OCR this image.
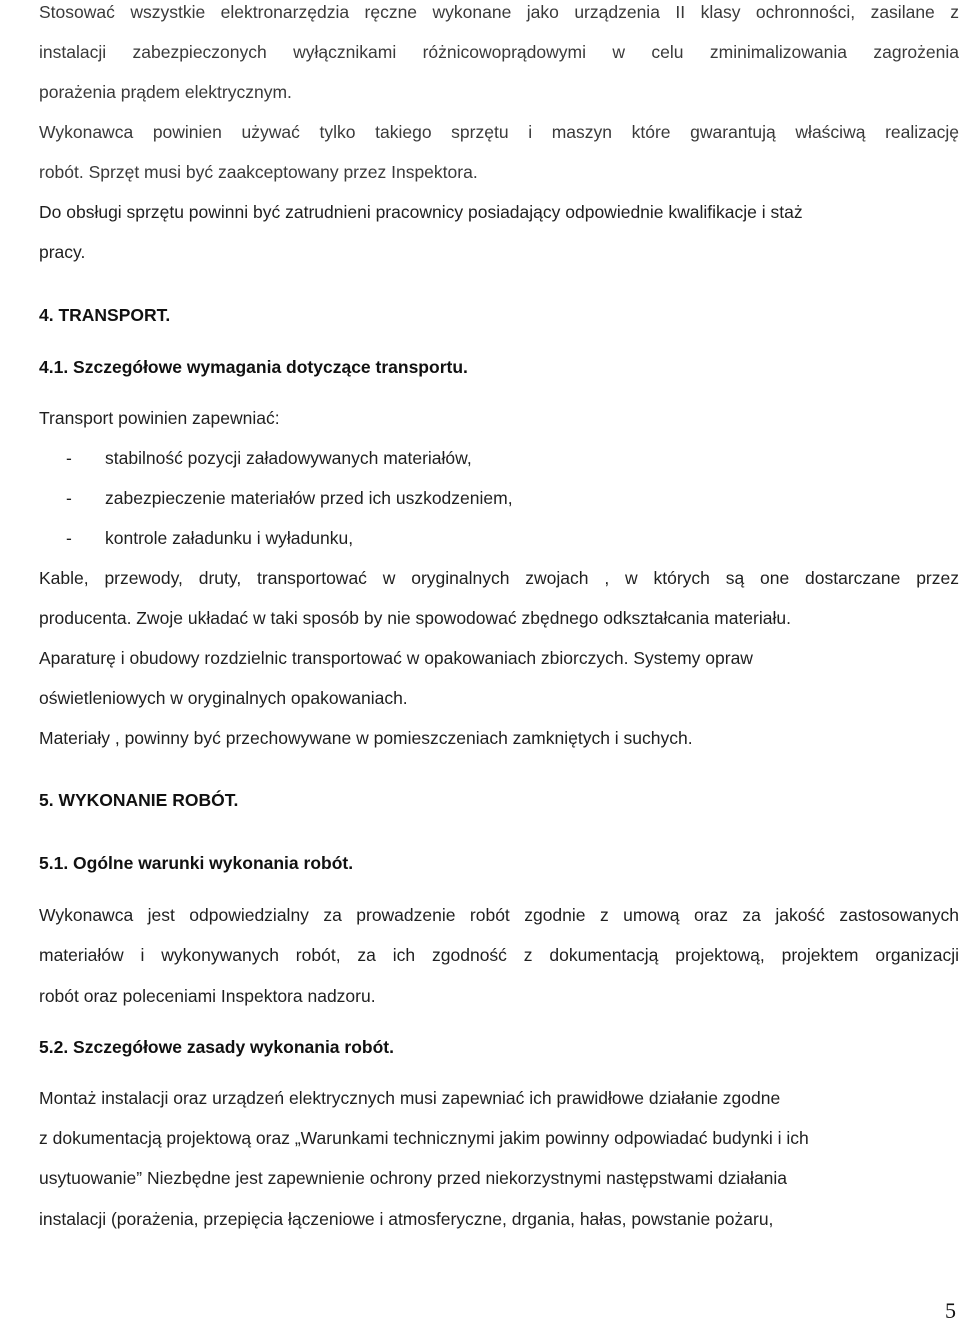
Stosować wszystkie elektronarzędzia ręczne wykonane jako urządzenia II klasy ochronności, zasilane z
instalacji zabezpieczonych wyłącznikami różnicowoprądowymi w celu zminimalizowania zagrożenia
porażenia prądem elektrycznym.
Wykonawca powinien używać tylko takiego sprzętu i maszyn które gwarantują właściwą realizację
robót. Sprzęt musi być zaakceptowany przez Inspektora.
Do obsługi sprzętu powinni być zatrudnieni pracownicy posiadający odpowiednie kwalifikacje i staż
pracy.
4. TRANSPORT.
4.1. Szczegółowe wymagania dotyczące transportu.
Transport powinien zapewniać:
- stabilność pozycji załadowywanych materiałów,
- zabezpieczenie materiałów przed ich uszkodzeniem,
- kontrole załadunku i wyładunku,
Kable, przewody, druty, transportować w oryginalnych zwojach , w których są one dostarczane przez
producenta. Zwoje układać w taki sposób by nie spowodować zbędnego odkształcania materiału.
Aparaturę i obudowy rozdzielnic transportować w opakowaniach zbiorczych. Systemy opraw
oświetleniowych w oryginalnych opakowaniach.
Materiały , powinny być przechowywane w pomieszczeniach zamkniętych i suchych.
5. WYKONANIE ROBÓT.
5.1. Ogólne warunki wykonania robót.
Wykonawca jest odpowiedzialny za prowadzenie robót zgodnie z umową oraz za jakość zastosowanych
materiałów i wykonywanych robót, za ich zgodność z dokumentacją projektową, projektem organizacji
robót oraz poleceniami Inspektora nadzoru.
5.2. Szczegółowe zasady wykonania robót.
Montaż instalacji oraz urządzeń elektrycznych musi zapewniać ich prawidłowe działanie zgodne
z dokumentacją projektową oraz „Warunkami technicznymi jakim powinny odpowiadać budynki i ich
usytuowanie” Niezbędne jest zapewnienie ochrony przed niekorzystnymi następstwami działania
instalacji (porażenia, przepięcia łączeniowe i atmosferyczne, drgania, hałas, powstanie pożaru,
5
